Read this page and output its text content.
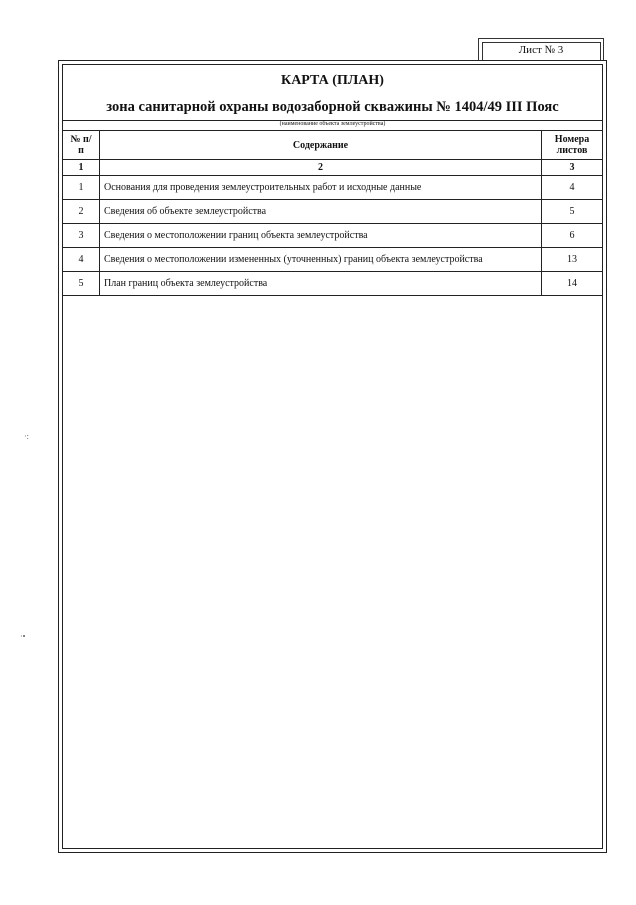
Лист № 3
КАРТА (ПЛАН)
зона санитарной охраны водозаборной скважины № 1404/49 III Пояс
(наименование объекта землеустройства)
№ п/п	Содержание	Номера листов

1	2	3
1	Основания для проведения землеустроительных работ и исходные данные	4
2	Сведения об объекте землеустройства	5
3	Сведения о местоположении границ объекта землеустройства	6
4	Сведения о местоположении измененных (уточненных) границ объекта землеустройства	13
5	План границ объекта землеустройства	14
·:
·•
